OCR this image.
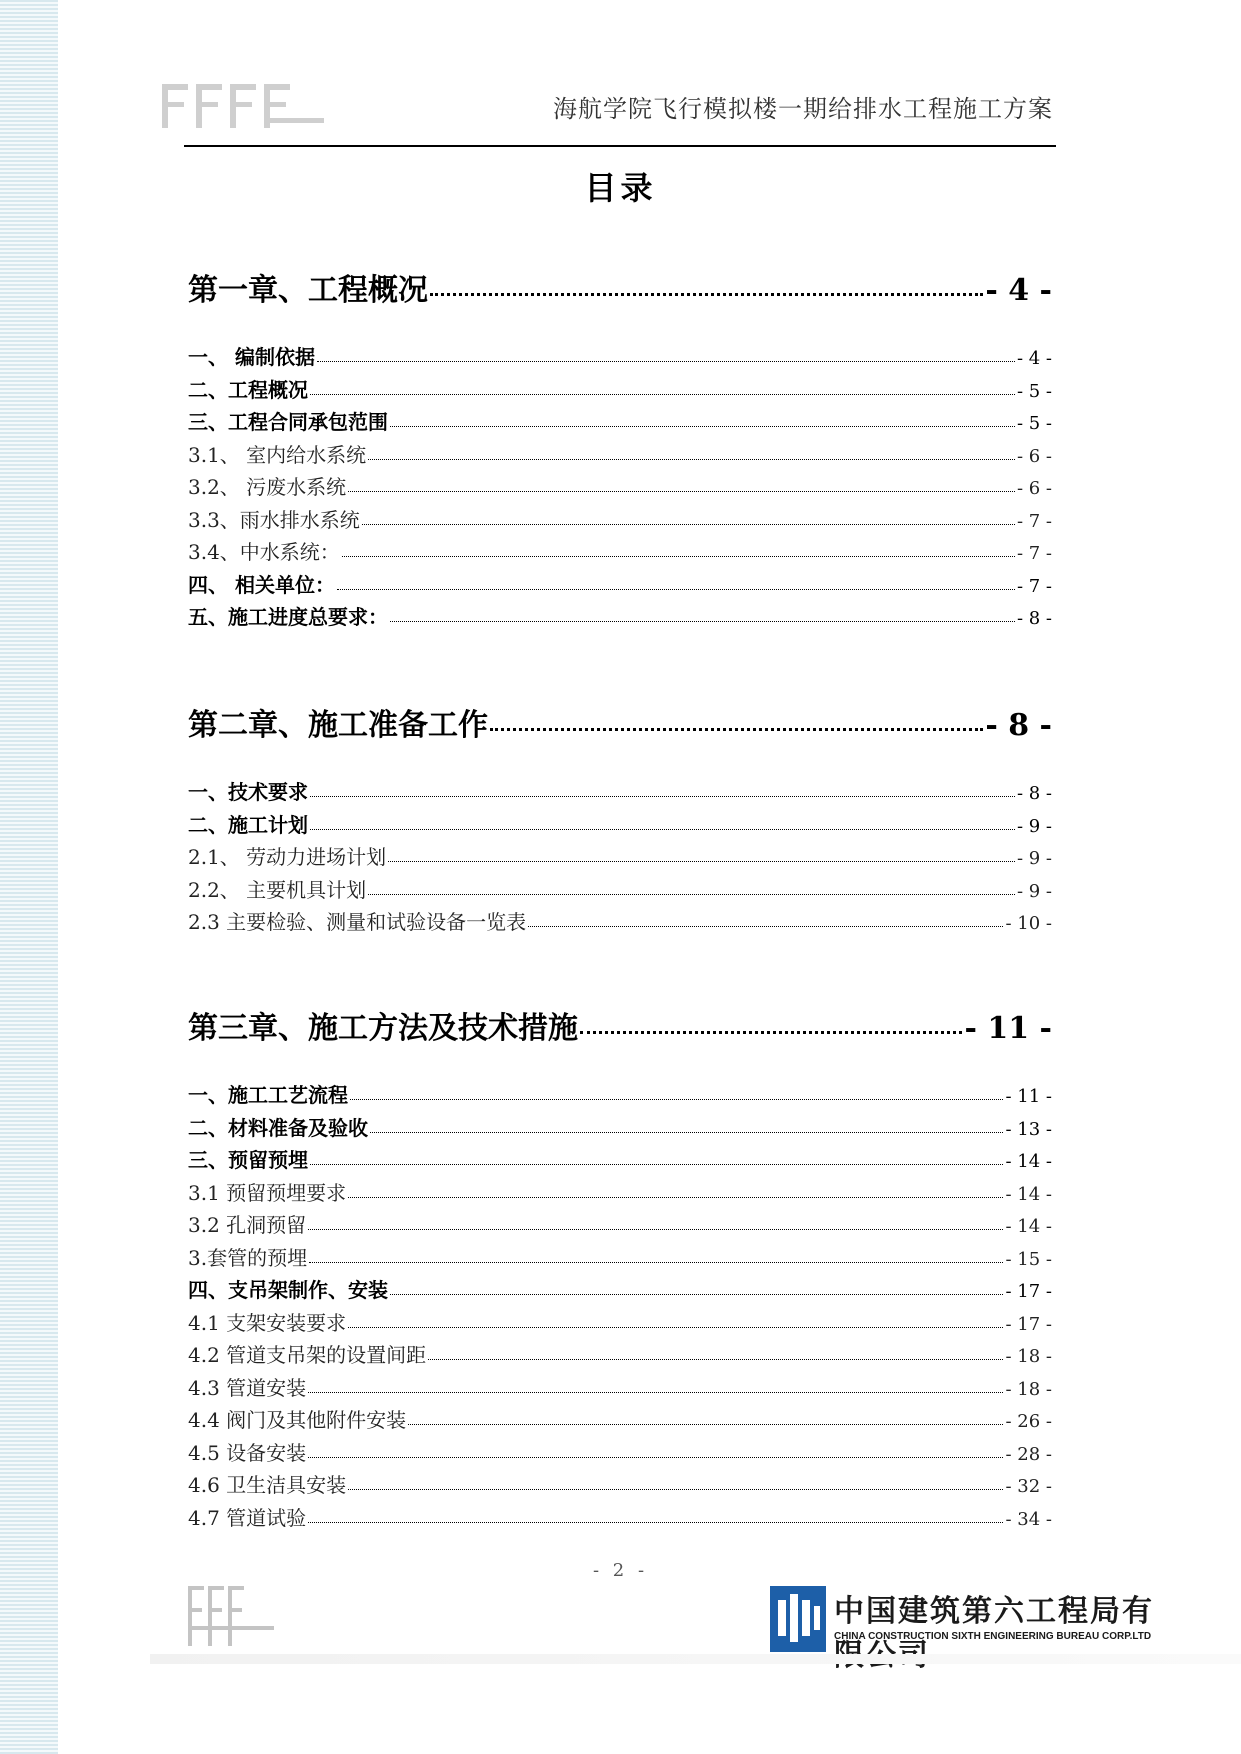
海航学院飞行模拟楼一期给排水工程施工方案
目录
第一章、工程概况	- 4 -
一、 编制依据	- 4 -
二、工程概况	- 5 -
三、工程合同承包范围	- 5 -
3.1、 室内给水系统	- 6 -
3.2、 污废水系统	- 6 -
3.3、雨水排水系统	- 7 -
3.4、中水系统：	- 7 -
四、 相关单位：	- 7 -
五、施工进度总要求：	- 8 -
第二章、施工准备工作	- 8 -
一、技术要求	- 8 -
二、施工计划	- 9 -
2.1、 劳动力进场计划	- 9 -
2.2、 主要机具计划	- 9 -
2.3 主要检验、测量和试验设备一览表	- 10 -
第三章、施工方法及技术措施	- 11 -
一、施工工艺流程	- 11 -
二、材料准备及验收	- 13 -
三、预留预埋	- 14 -
3.1 预留预埋要求	- 14 -
3.2 孔洞预留	- 14 -
3.套管的预埋	- 15 -
四、支吊架制作、安装	- 17 -
4.1 支架安装要求	- 17 -
4.2 管道支吊架的设置间距	- 18 -
4.3 管道安装	- 18 -
4.4 阀门及其他附件安装	- 26 -
4.5 设备安装	- 28 -
4.6 卫生洁具安装	- 32 -
4.7 管道试验	- 34 -
- 2 -
中国建筑第六工程局有
CHINA CONSTRUCTION SIXTH ENGINEERING BUREAU CORP.LTD
